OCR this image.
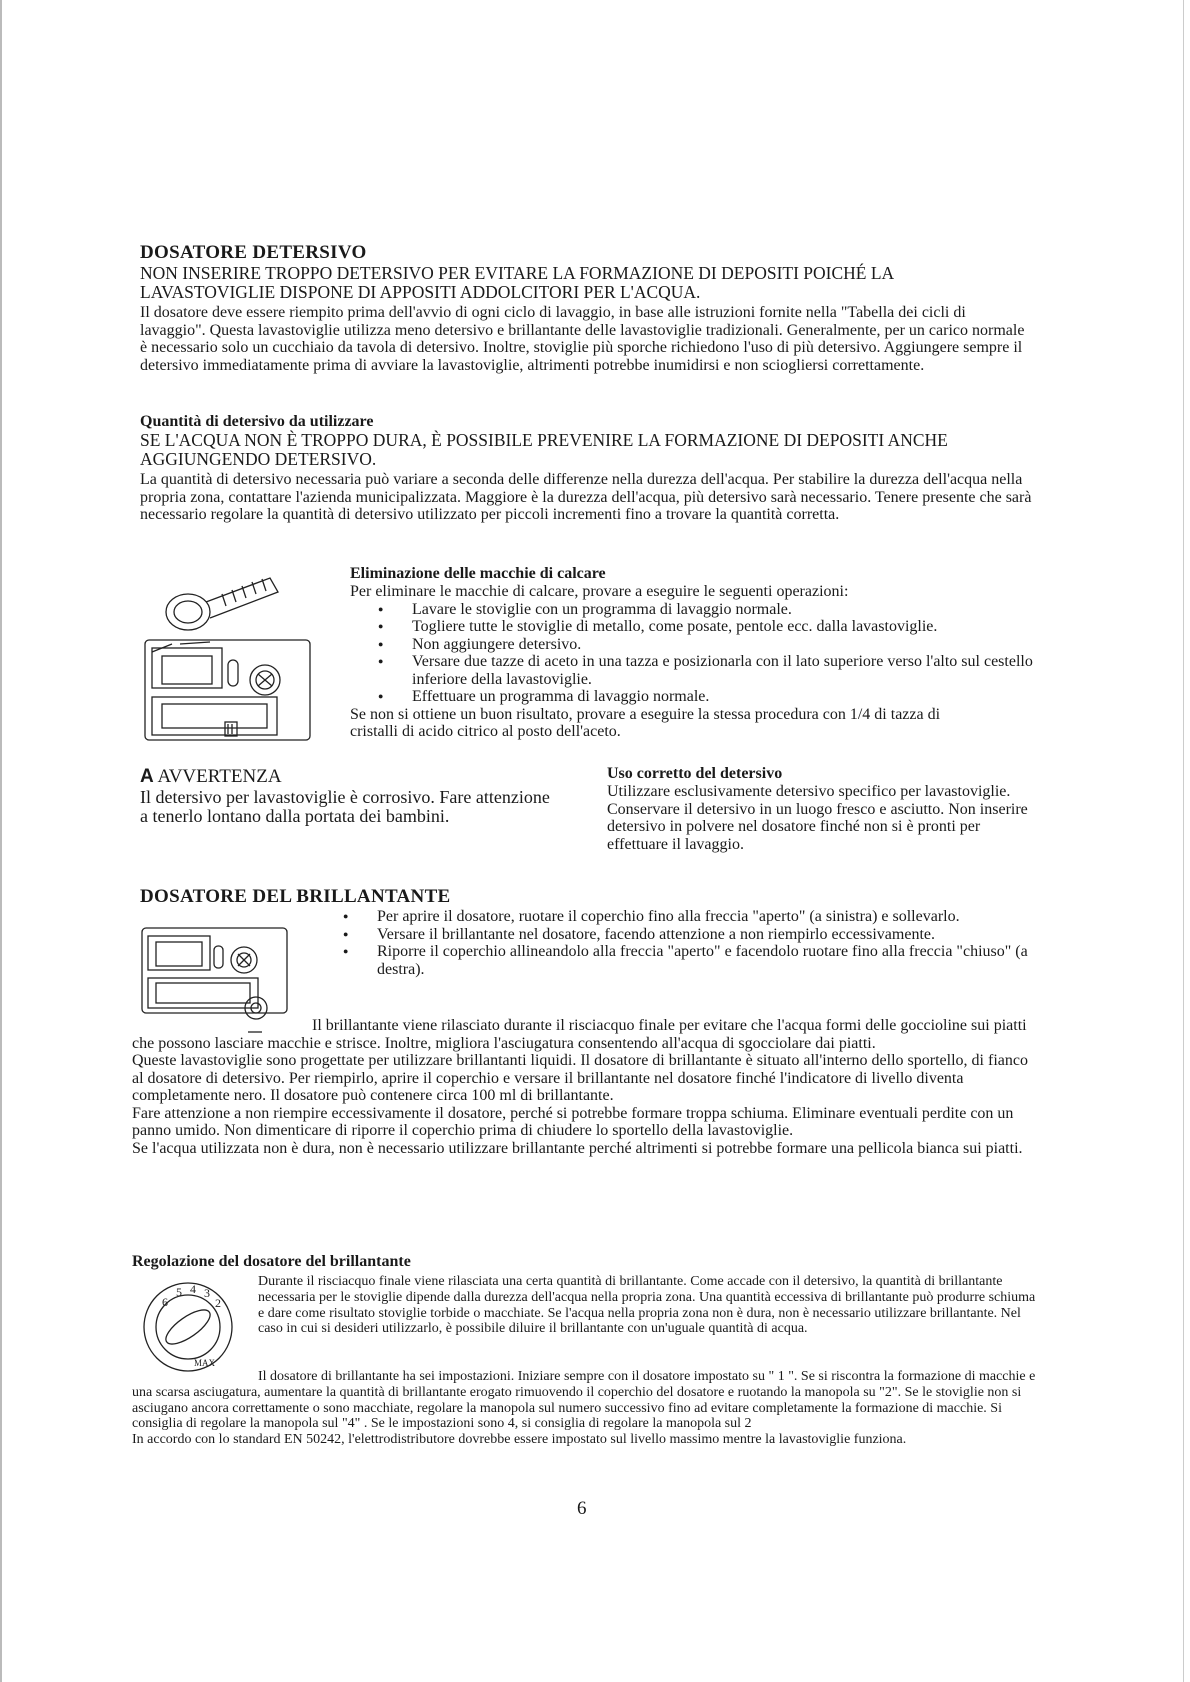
DOSATORE DETERSIVO

NON INSERIRE TROPPO DETERSIVO PER EVITARE LA FORMAZIONE DI DEPOSITI POICHÉ LA LAVASTOVIGLIE DISPONE DI APPOSITI ADDOLCITORI PER L'ACQUA.

Il dosatore deve essere riempito prima dell'avvio di ogni ciclo di lavaggio, in base alle istruzioni fornite nella "Tabella dei cicli di lavaggio". Questa lavastoviglie utilizza meno detersivo e brillantante delle lavastoviglie tradizionali. Generalmente, per un carico normale è necessario solo un cucchiaio da tavola di detersivo. Inoltre, stoviglie più sporche richiedono l'uso di più detersivo. Aggiungere sempre il detersivo immediatamente prima di avviare la lavastoviglie, altrimenti potrebbe inumidirsi e non sciogliersi correttamente.

Quantità di detersivo da utilizzare

SE L'ACQUA NON È TROPPO DURA, È POSSIBILE PREVENIRE LA FORMAZIONE DI DEPOSITI ANCHE AGGIUNGENDO DETERSIVO.

La quantità di detersivo necessaria può variare a seconda delle differenze nella durezza dell'acqua. Per stabilire la durezza dell'acqua nella propria zona, contattare l'azienda municipalizzata. Maggiore è la durezza dell'acqua, più detersivo sarà necessario. Tenere presente che sarà necessario regolare la quantità di detersivo utilizzato per piccoli incrementi fino a trovare la quantità corretta.

Eliminazione delle macchie di calcare

Per eliminare le macchie di calcare, provare a eseguire le seguenti operazioni:

● Lavare le stoviglie con un programma di lavaggio normale.
● Togliere tutte le stoviglie di metallo, come posate, pentole ecc. dalla lavastoviglie.
● Non aggiungere detersivo.
● Versare due tazze di aceto in una tazza e posizionarla con il lato superiore verso l'alto sul cestello inferiore della lavastoviglie.
● Effettuare un programma di lavaggio normale.

Se non si ottiene un buon risultato, provare a eseguire la stessa procedura con 1/4 di tazza di cristalli di acido citrico al posto dell'aceto.

A AVVERTENZA
Il detersivo per lavastoviglie è corrosivo. Fare attenzione a tenerlo lontano dalla portata dei bambini.
Uso corretto del detersivo

Utilizzare esclusivamente detersivo specifico per lavastoviglie. Conservare il detersivo in un luogo fresco e asciutto. Non inserire detersivo in polvere nel dosatore finché non si è pronti per effettuare il lavaggio.

DOSATORE DEL BRILLANTANTE
● Per aprire il dosatore, ruotare il coperchio fino alla freccia "aperto" (a sinistra) e sollevarlo.
● Versare il brillantante nel dosatore, facendo attenzione a non riempirlo eccessivamente.
● Riporre il coperchio allineandolo alla freccia "aperto" e facendolo ruotare fino alla freccia "chiuso" (a destra).

Il brillantante viene rilasciato durante il risciacquo finale per evitare che l'acqua formi delle goccioline sui piatti che possono lasciare macchie e strisce. Inoltre, migliora l'asciugatura consentendo all'acqua di sgocciolare dai piatti.

Queste lavastoviglie sono progettate per utilizzare brillantanti liquidi. Il dosatore di brillantante è situato all'interno dello sportello, di fianco al dosatore di detersivo. Per riempirlo, aprire il coperchio e versare il brillantante nel dosatore finché l'indicatore di livello diventa completamente nero. Il dosatore può contenere circa 100 ml di brillantante.

Fare attenzione a non riempire eccessivamente il dosatore, perché si potrebbe formare troppa schiuma. Eliminare eventuali perdite con un panno umido. Non dimenticare di riporre il coperchio prima di chiudere lo sportello della lavastoviglie.

Se l'acqua utilizzata non è dura, non è necessario utilizzare brillantante perché altrimenti si potrebbe formare una pellicola bianca sui piatti.

Regolazione del dosatore del brillantante
6
5 4 3
2
MAX

Durante il risciacquo finale viene rilasciata una certa quantità di brillantante. Come accade con il detersivo, la quantità di brillantante necessaria per le stoviglie dipende dalla durezza dell'acqua nella propria zona. Una quantità eccessiva di brillantante può produrre schiuma e dare come risultato stoviglie torbide o macchiate. Se l'acqua nella propria zona non è dura, non è necessario utilizzare brillantante. Nel caso in cui si desideri utilizzarlo, è possibile diluire il brillantante con un'uguale quantità di acqua.

Il dosatore di brillantante ha sei impostazioni. Iniziare sempre con il dosatore impostato su " 1 ". Se si riscontra la formazione di macchie e una scarsa asciugatura, aumentare la quantità di brillantante erogato rimuovendo il coperchio del dosatore e ruotando la manopola su "2". Se le stoviglie non si asciugano ancora correttamente o sono macchiate, regolare la manopola sul numero successivo fino ad evitare completamente la formazione di macchie. Si consiglia di regolare la manopola sul "4" . Se le impostazioni sono 4, si consiglia di regolare la manopola sul 2

In accordo con lo standard EN 50242, l'elettrodistributore dovrebbe essere impostato sul livello massimo mentre la lavastoviglie funziona.

6
